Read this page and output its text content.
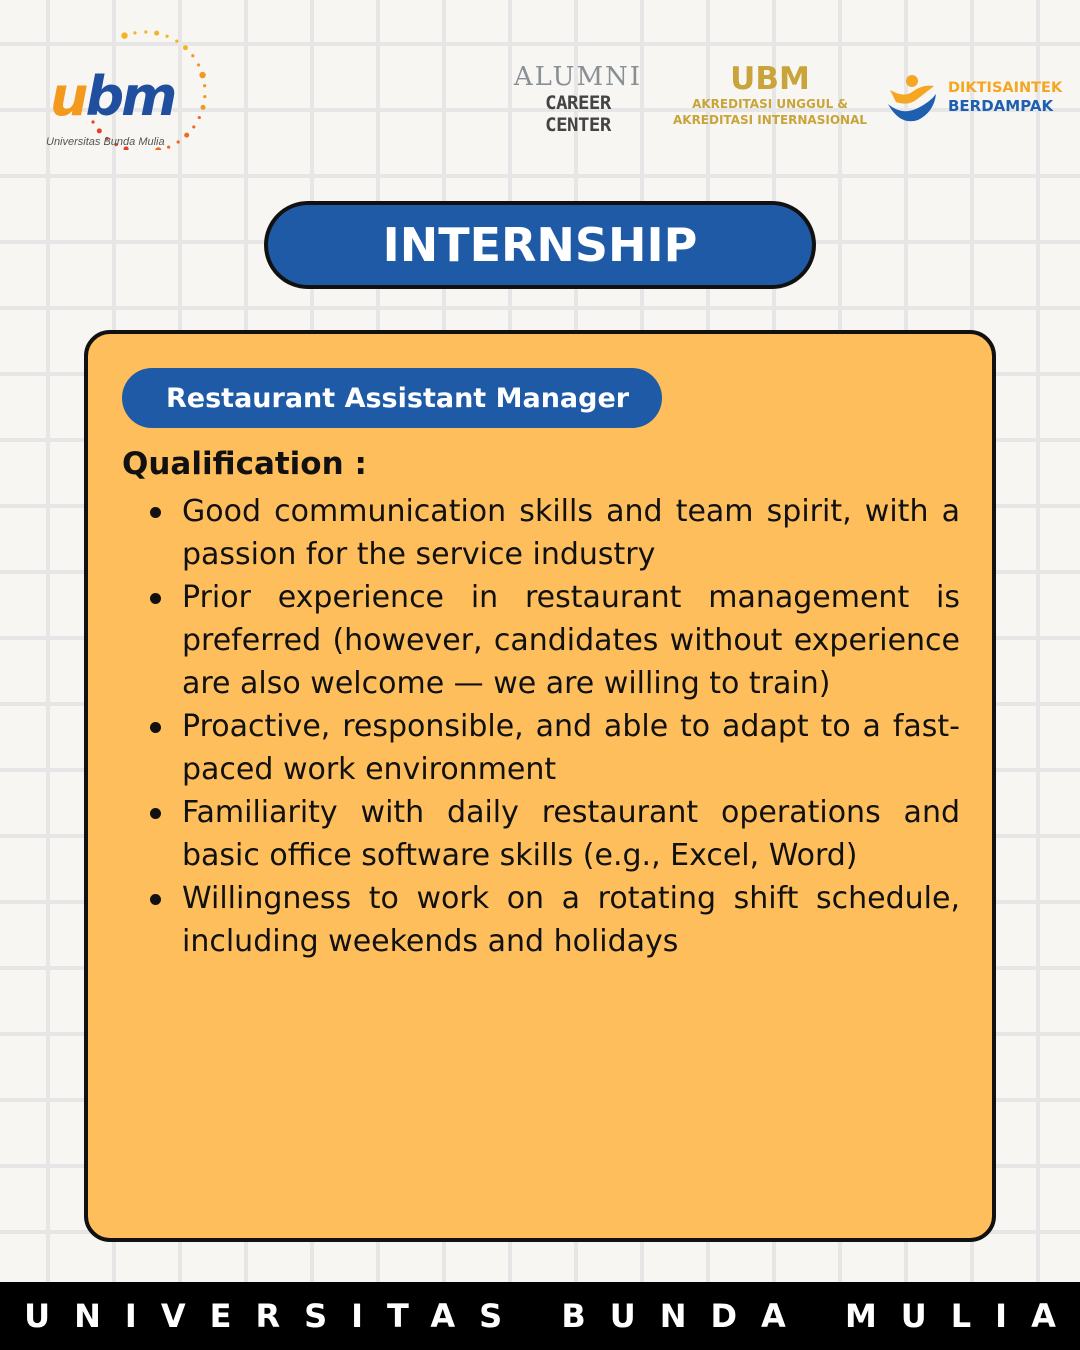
ubm
Universitas Bunda Mulia
ALUMNI
CAREER CENTER
UBM
AKREDITASI UNGGUL &
AKREDITASI INTERNASIONAL
DIKTISAINTEK
BERDAMPAK
INTERNSHIP
Restaurant Assistant Manager
Qualification :
Good communication skills and team spirit, with a passion for the service industry
Prior experience in restaurant management is preferred (however, candidates without experience are also welcome — we are willing to train)
Proactive, responsible, and able to adapt to a fast-paced work environment
Familiarity with daily restaurant operations and basic office software skills (e.g., Excel, Word)
Willingness to work on a rotating shift schedule, including weekends and holidays
UNIVERSITAS BUNDA MULIA
